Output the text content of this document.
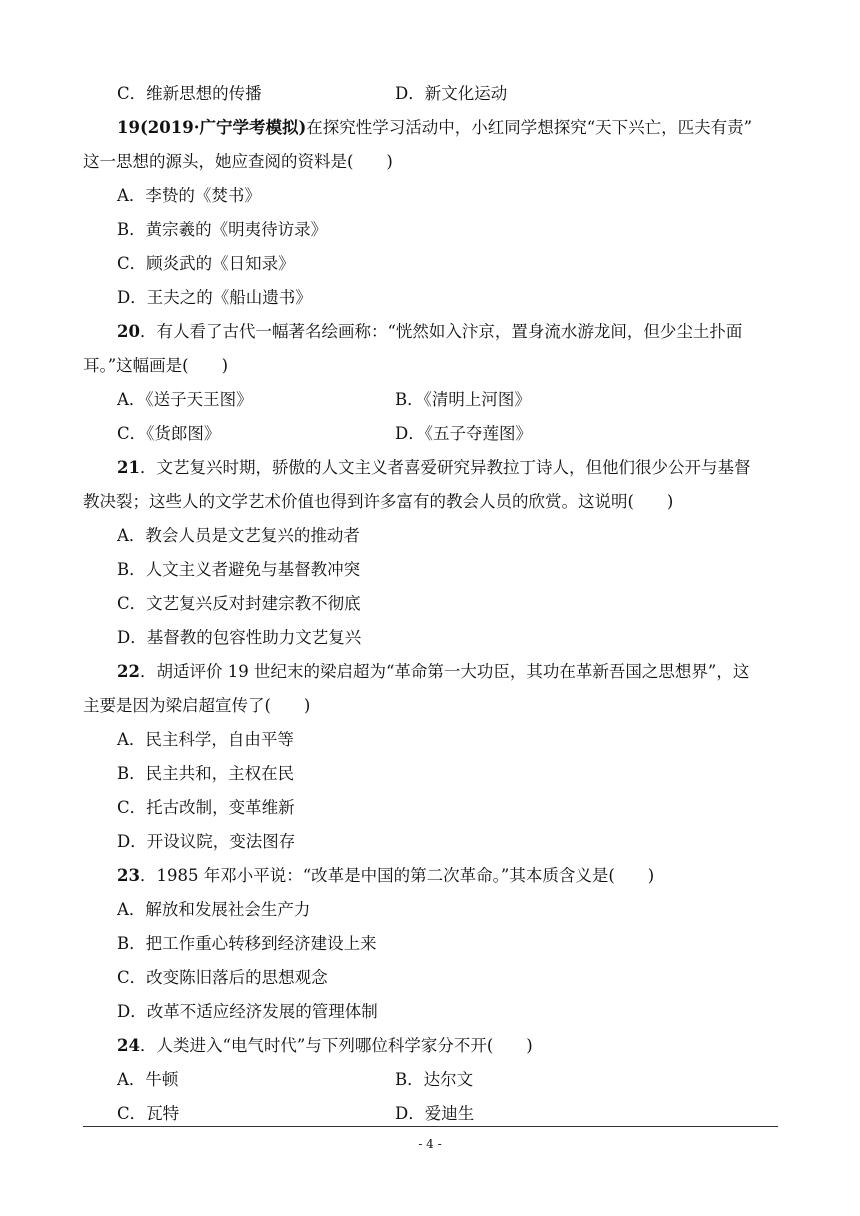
C．维新思想的传播	D．新文化运动
19(2019·广宁学考模拟)在探究性学习活动中，小红同学想探究“天下兴亡，匹夫有责”
这一思想的源头，她应查阅的资料是(　　)
A．李贽的《焚书》
B．黄宗羲的《明夷待访录》
C．顾炎武的《日知录》
D．王夫之的《船山遗书》
20．有人看了古代一幅著名绘画称：“恍然如入汴京，置身流水游龙间，但少尘土扑面
耳。”这幅画是(　　)
A．《送子天王图》	B．《清明上河图》
C．《货郎图》	D．《五子夺莲图》
21．文艺复兴时期，骄傲的人文主义者喜爱研究异教拉丁诗人，但他们很少公开与基督
教决裂；这些人的文学艺术价值也得到许多富有的教会人员的欣赏。这说明(　　)
A．教会人员是文艺复兴的推动者
B．人文主义者避免与基督教冲突
C．文艺复兴反对封建宗教不彻底
D．基督教的包容性助力文艺复兴
22．胡适评价 19 世纪末的梁启超为“革命第一大功臣，其功在革新吾国之思想界”，这
主要是因为梁启超宣传了(　　)
A．民主科学，自由平等
B．民主共和，主权在民
C．托古改制，变革维新
D．开设议院，变法图存
23．1985 年邓小平说：“改革是中国的第二次革命。”其本质含义是(　　)
A．解放和发展社会生产力
B．把工作重心转移到经济建设上来
C．改变陈旧落后的思想观念
D．改革不适应经济发展的管理体制
24．人类进入“电气时代”与下列哪位科学家分不开(　　)
A．牛顿	B．达尔文
C．瓦特	D．爱迪生
- 4 -
